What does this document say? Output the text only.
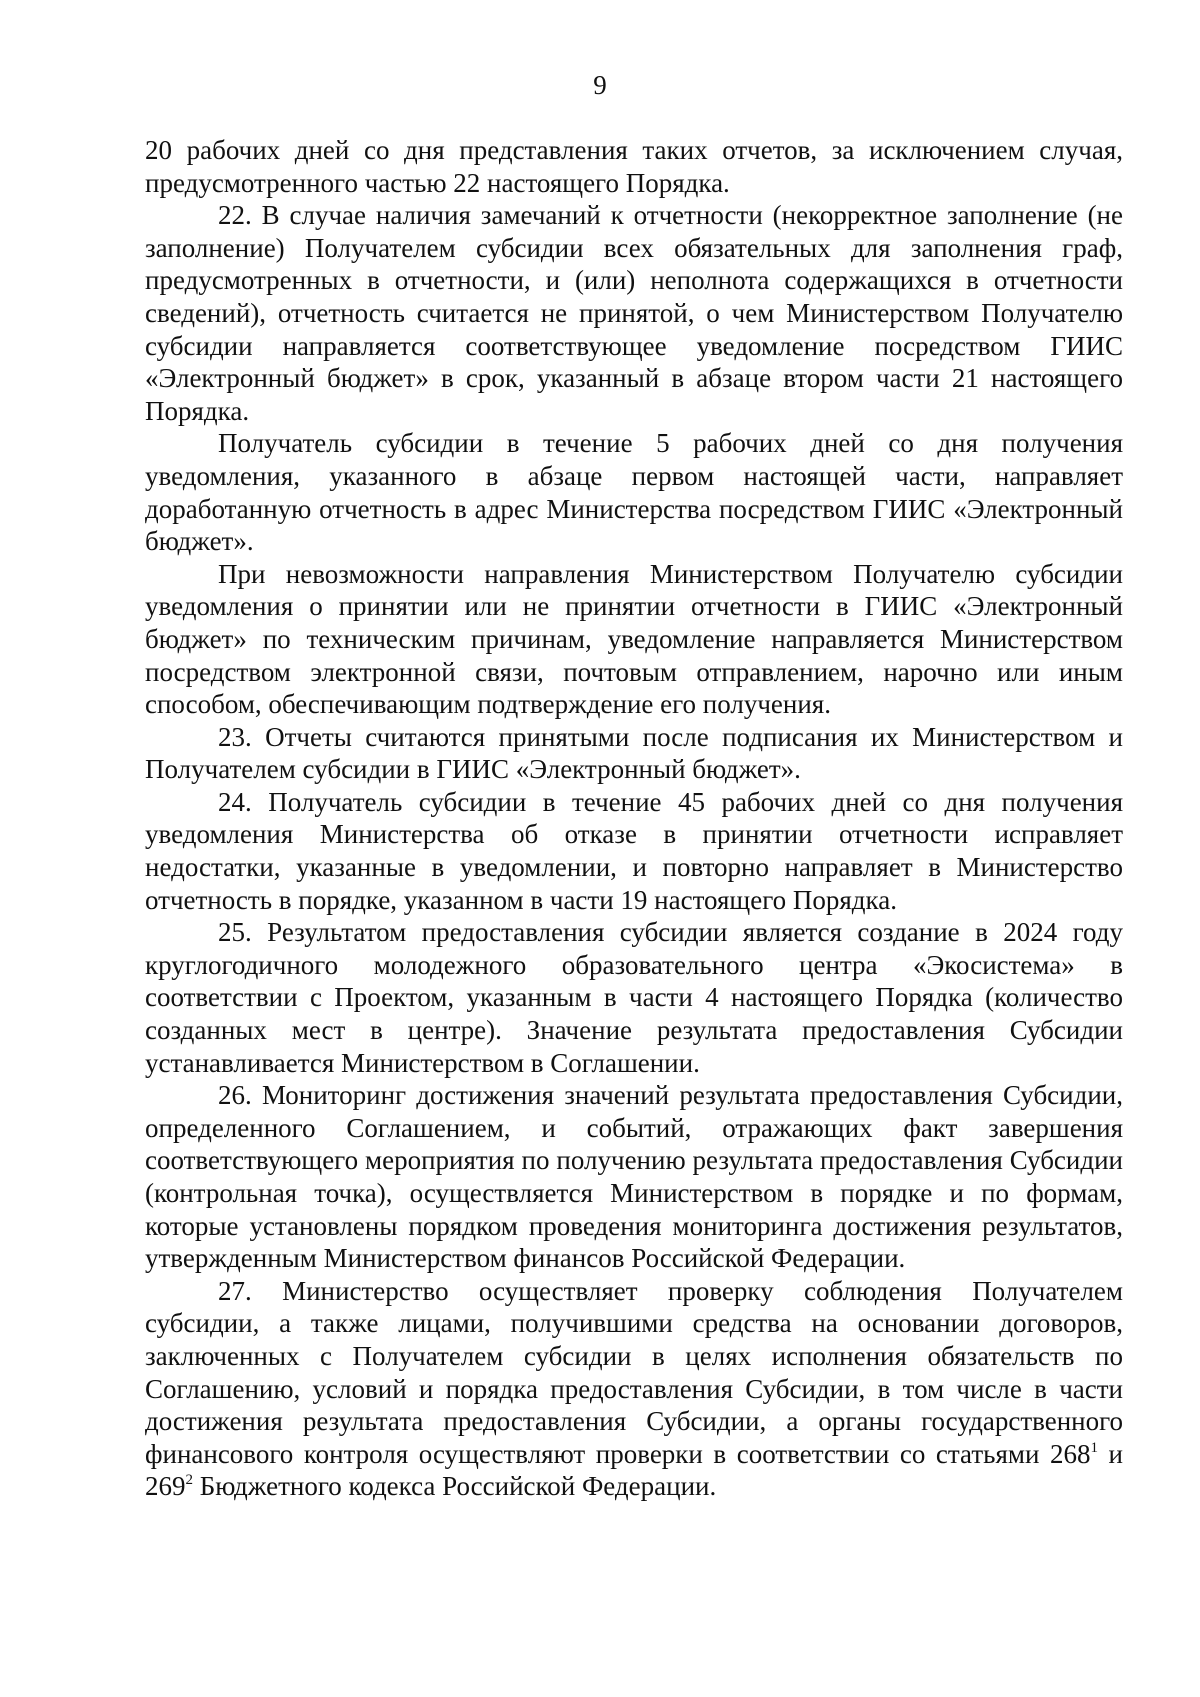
9

20 рабочих дней со дня представления таких отчетов, за исключением случая, предусмотренного частью 22 настоящего Порядка.

22. В случае наличия замечаний к отчетности (некорректное заполнение (не заполнение) Получателем субсидии всех обязательных для заполнения граф, предусмотренных в отчетности, и (или) неполнота содержащихся в отчетности сведений), отчетность считается не принятой, о чем Министерством Получателю субсидии направляется соответствующее уведомление посредством ГИИС «Электронный бюджет» в срок, указанный в абзаце втором части 21 настоящего Порядка.

Получатель субсидии в течение 5 рабочих дней со дня получения уведомления, указанного в абзаце первом настоящей части, направляет доработанную отчетность в адрес Министерства посредством ГИИС «Электронный бюджет».

При невозможности направления Министерством Получателю субсидии уведомления о принятии или не принятии отчетности в ГИИС «Электронный бюджет» по техническим причинам, уведомление направляется Министерством посредством электронной связи, почтовым отправлением, нарочно или иным способом, обеспечивающим подтверждение его получения.

23. Отчеты считаются принятыми после подписания их Министерством и Получателем субсидии в ГИИС «Электронный бюджет».

24. Получатель субсидии в течение 45 рабочих дней со дня получения уведомления Министерства об отказе в принятии отчетности исправляет недостатки, указанные в уведомлении, и повторно направляет в Министерство отчетность в порядке, указанном в части 19 настоящего Порядка.

25. Результатом предоставления субсидии является создание в 2024 году круглогодичного молодежного образовательного центра «Экосистема» в соответствии с Проектом, указанным в части 4 настоящего Порядка (количество созданных мест в центре). Значение результата предоставления Субсидии устанавливается Министерством в Соглашении.

26. Мониторинг достижения значений результата предоставления Субсидии, определенного Соглашением, и событий, отражающих факт завершения соответствующего мероприятия по получению результата предоставления Субсидии (контрольная точка), осуществляется Министерством в порядке и по формам, которые установлены порядком проведения мониторинга достижения результатов, утвержденным Министерством финансов Российской Федерации.

27. Министерство осуществляет проверку соблюдения Получателем субсидии, а также лицами, получившими средства на основании договоров, заключенных с Получателем субсидии в целях исполнения обязательств по Соглашению, условий и порядка предоставления Субсидии, в том числе в части достижения результата предоставления Субсидии, а органы государственного финансового контроля осуществляют проверки в соответствии со статьями $268^1$ и $269^2$ Бюджетного кодекса Российской Федерации.
